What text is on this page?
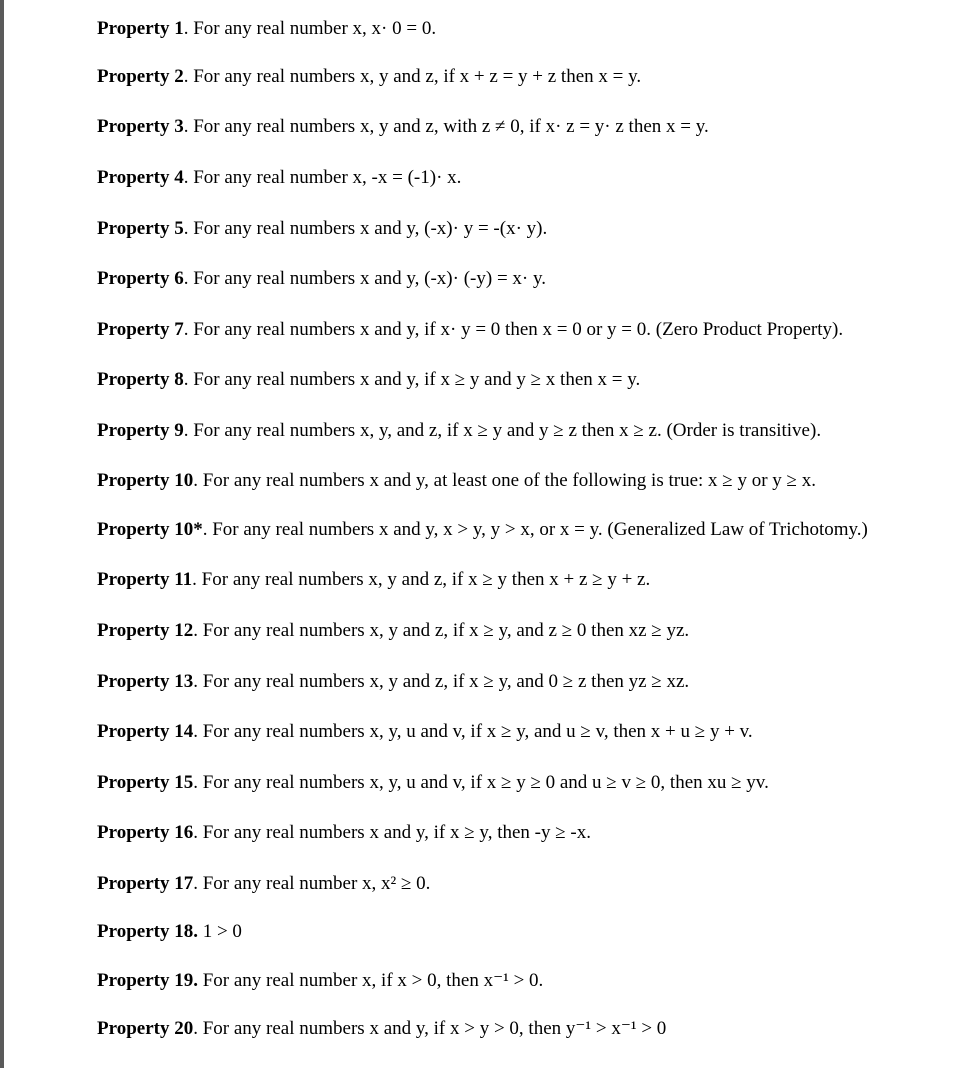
Property 1. For any real number x, x· 0 = 0.

Property 2. For any real numbers x, y and z, if x + z = y + z then x = y.

Property 3. For any real numbers x, y and z, with z ≠ 0, if x· z = y· z then x = y.

Property 4. For any real number x, -x = (-1)· x.

Property 5. For any real numbers x and y, (-x)· y = -(x· y).

Property 6. For any real numbers x and y, (-x)· (-y) = x· y.

Property 7. For any real numbers x and y, if x· y = 0 then x = 0 or y = 0. (Zero Product Property).

Property 8. For any real numbers x and y, if x ≥ y and y ≥ x then x = y.

Property 9. For any real numbers x, y, and z, if x ≥ y and y ≥ z then x ≥ z. (Order is transitive).

Property 10. For any real numbers x and y, at least one of the following is true: x ≥ y or y ≥ x.

Property 10*. For any real numbers x and y, x > y, y > x, or x = y. (Generalized Law of Trichotomy.)

Property 11. For any real numbers x, y and z, if x ≥ y then x + z ≥ y + z.

Property 12. For any real numbers x, y and z, if x ≥ y, and z ≥ 0 then xz ≥ yz.

Property 13. For any real numbers x, y and z, if x ≥ y, and 0 ≥ z then yz ≥ xz.

Property 14. For any real numbers x, y, u and v, if x ≥ y, and u ≥ v, then x + u ≥ y + v.

Property 15. For any real numbers x, y, u and v, if x ≥ y ≥ 0 and u ≥ v ≥ 0, then xu ≥ yv.

Property 16. For any real numbers x and y, if x ≥ y, then -y ≥ -x.

Property 17. For any real number x, x² ≥ 0.

Property 18. 1 > 0

Property 19. For any real number x, if x > 0, then x⁻¹ > 0.

Property 20. For any real numbers x and y, if x > y > 0, then y⁻¹ > x⁻¹ > 0
